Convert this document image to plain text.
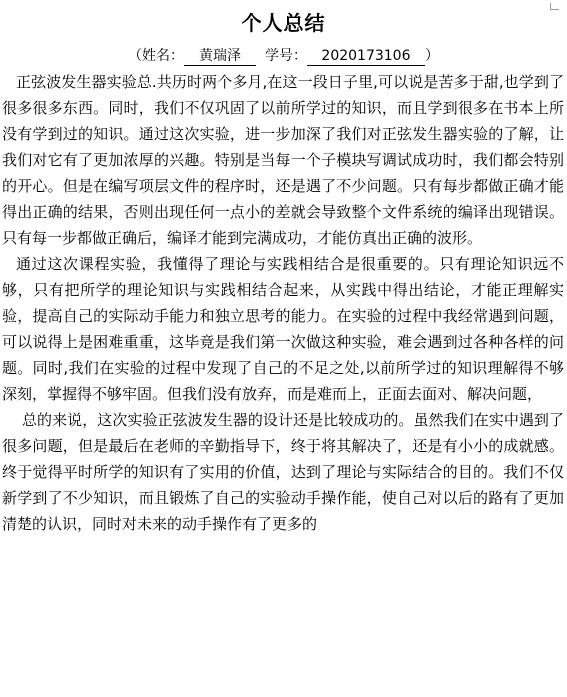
个人总结
（姓名： 黄瑞泽 学号： 2020173106 ）

正弦波发生器实验总.共历时两个多月,在这一段日子里,可以说是苦多于甜,也学到了很多很多东西。同时，我们不仅巩固了以前所学过的知识，而且学到很多在书本上所没有学到过的知识。通过这次实验，进一步加深了我们对正弦发生器实验的了解，让我们对它有了更加浓厚的兴趣。特别是当每一个子模块写调试成功时，我们都会特别的开心。但是在编写项层文件的程序时，还是遇了不少问题。只有每步都做正确才能得出正确的结果，否则出现任何一点小的差就会导致整个文件系统的编译出现错误。只有每一步都做正确后，编译才能到完满成功，才能仿真出正确的波形。

通过这次课程实验，我懂得了理论与实践相结合是很重要的。只有理论知识远不够，只有把所学的理论知识与实践相结合起来，从实践中得出结论，才能正理解实验，提高自己的实际动手能力和独立思考的能力。在实验的过程中我经常遇到问题，可以说得上是困难重重，这毕竟是我们第一次做这种实验，难会遇到过各种各样的问题。同时,我们在实验的过程中发现了自己的不足之处,以前所学过的知识理解得不够深刻，掌握得不够牢固。但我们没有放弃，而是难而上，正面去面对、解决问题，

总的来说，这次实验正弦波发生器的设计还是比较成功的。虽然我们在实中遇到了很多问题，但是最后在老师的辛勤指导下，终于将其解决了，还是有小小的成就感。终于觉得平时所学的知识有了实用的价值，达到了理论与实际结合的目的。我们不仅新学到了不少知识，而且锻炼了自己的实验动手操作能，使自己对以后的路有了更加清楚的认识，同时对未来的动手操作有了更多的
